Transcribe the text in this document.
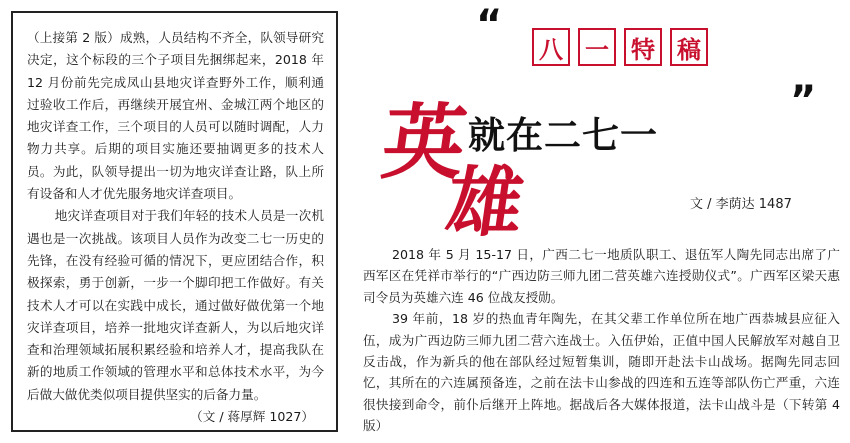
（上接第 2 版）成熟，人员结构不齐全，队领导研究决定，这个标段的三个子项目先捆绑起来，2018 年 12 月份前先完成凤山县地灾详查野外工作，顺利通过验收工作后，再继续开展宜州、金城江两个地区的地灾详查工作，三个项目的人员可以随时调配，人力物力共享。后期的项目实施还要抽调更多的技术人员。为此，队领导提出一切为地灾详查让路，队上所有设备和人才优先服务地灾详查项目。

地灾详查项目对于我们年轻的技术人员是一次机遇也是一次挑战。该项目人员作为改变二七一历史的先锋，在没有经验可循的情况下，更应团结合作，积极探索，勇于创新，一步一个脚印把工作做好。有关技术人才可以在实践中成长，通过做好做优第一个地灾详查项目，培养一批地灾详查新人，为以后地灾详查和治理领域拓展积累经验和培养人才，提高我队在新的地质工作领域的管理水平和总体技术水平，为今后做大做优类似项目提供坚实的后备力量。

（文 / 蒋厚辉 1027）
“
八 一 特 稿
英
雄
就在二七一
”
文 / 李荫达 1487

2018 年 5 月 15-17 日，广西二七一地质队职工、退伍军人陶先同志出席了广西军区在凭祥市举行的“广西边防三师九团二营英雄六连授勋仪式”。广西军区梁天惠司令员为英雄六连 46 位战友授勋。

39 年前，18 岁的热血青年陶先，在其父辈工作单位所在地广西恭城县应征入伍，成为广西边防三师九团二营六连战士。入伍伊始，正值中国人民解放军对越自卫反击战，作为新兵的他在部队经过短暂集训，随即开赴法卡山战场。据陶先同志回忆，其所在的六连属预备连，之前在法卡山参战的四连和五连等部队伤亡严重，六连很快接到命令，前仆后继开上阵地。据战后各大媒体报道，法卡山战斗是（下转第 4 版）
